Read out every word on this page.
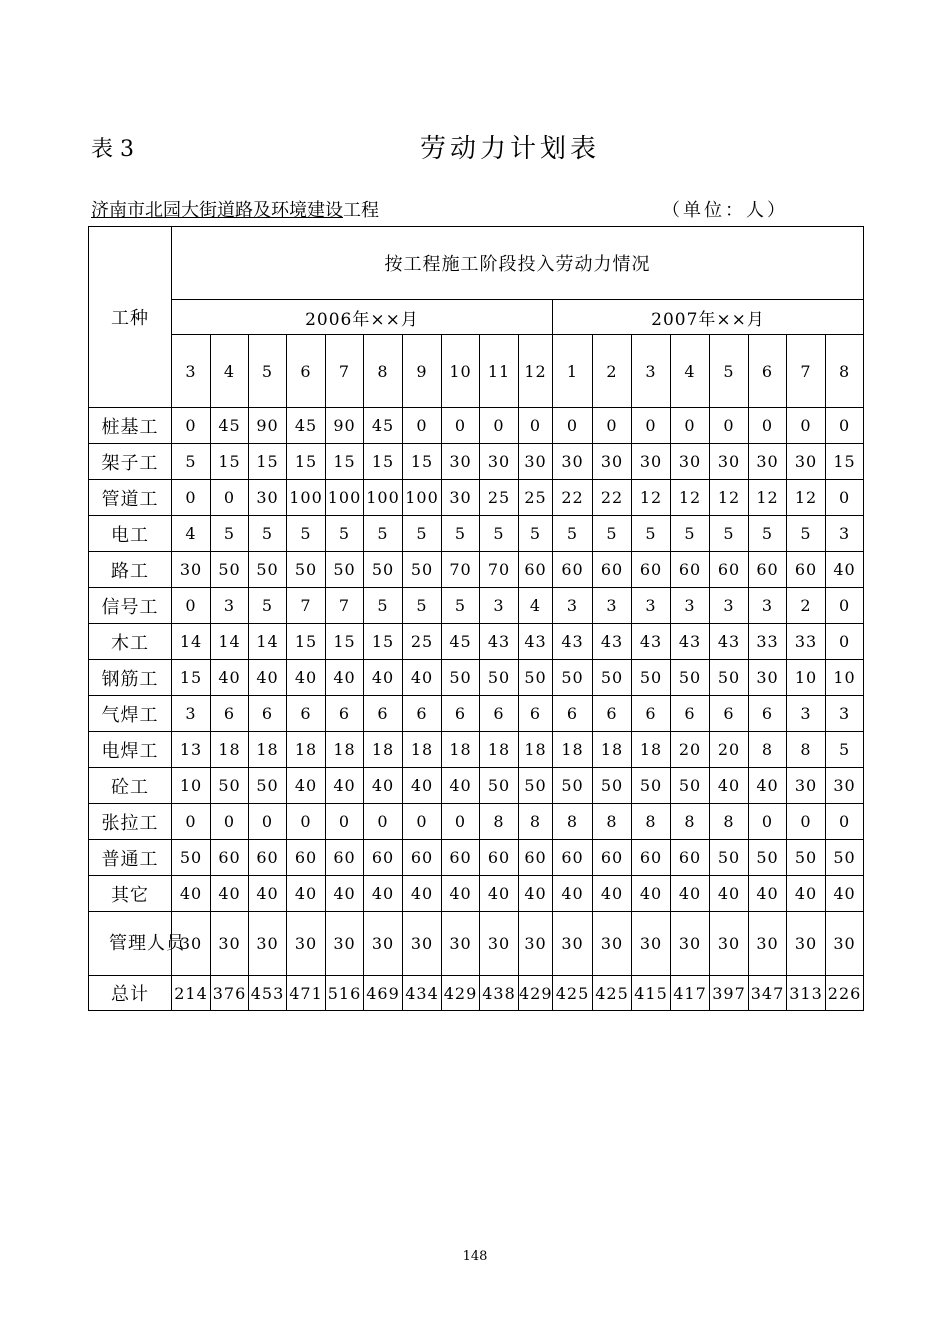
表 3	劳动力计划表
济南市北园大街道路及环境建设工程	（单位：人）
工种	按工程施工阶段投入劳动力情况																	
	2006年××月										2007年××月							
	3	4	5	6	7	8	9	10	11	12	1	2	3	4	5	6	7	8
桩基工	0	45	90	45	90	45	0	0	0	0	0	0	0	0	0	0	0	0
架子工	5	15	15	15	15	15	15	30	30	30	30	30	30	30	30	30	30	15
管道工	0	0	30	100	100	100	100	30	25	25	22	22	12	12	12	12	12	0
电工	4	5	5	5	5	5	5	5	5	5	5	5	5	5	5	5	5	3
路工	30	50	50	50	50	50	50	70	70	60	60	60	60	60	60	60	60	40
信号工	0	3	5	7	7	5	5	5	3	4	3	3	3	3	3	3	2	0
木工	14	14	14	15	15	15	25	45	43	43	43	43	43	43	43	33	33	0
钢筋工	15	40	40	40	40	40	40	50	50	50	50	50	50	50	50	30	10	10
气焊工	3	6	6	6	6	6	6	6	6	6	6	6	6	6	6	6	3	3
电焊工	13	18	18	18	18	18	18	18	18	18	18	18	18	20	20	8	8	5
砼工	10	50	50	40	40	40	40	40	50	50	50	50	50	50	40	40	30	30
张拉工	0	0	0	0	0	0	0	0	8	8	8	8	8	8	8	0	0	0
普通工	50	60	60	60	60	60	60	60	60	60	60	60	60	60	50	50	50	50
其它	40	40	40	40	40	40	40	40	40	40	40	40	40	40	40	40	40	40
管理人员	30	30	30	30	30	30	30	30	30	30	30	30	30	30	30	30	30	30
总计	214	376	453	471	516	469	434	429	438	429	425	425	415	417	397	347	313	226
148
